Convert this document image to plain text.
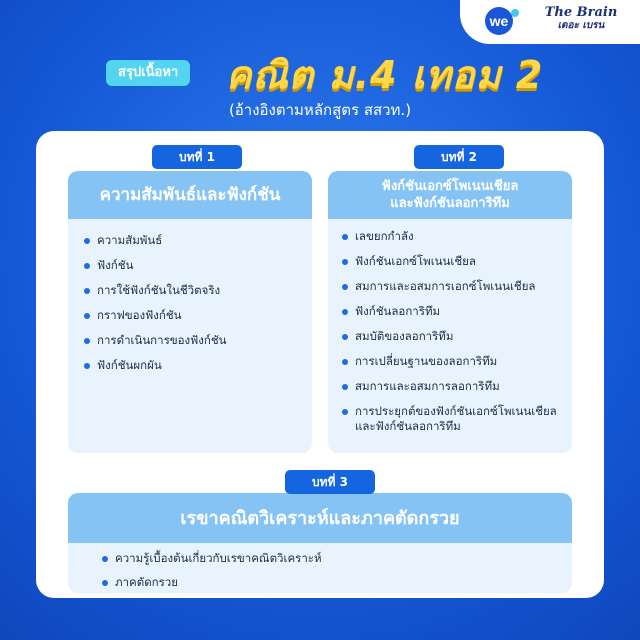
we
The Brain
เดอะ เบรน
สรุปเนื้อหา	คณิต ม.4 เทอม 2
(อ้างอิงตามหลักสูตร สสวท.)
บทที่ 1
ความสัมพันธ์และฟังก์ชัน
ความสัมพันธ์
ฟังก์ชัน
การใช้ฟังก์ชันในชีวิตจริง
กราฟของฟังก์ชัน
การดำเนินการของฟังก์ชัน
ฟังก์ชันผกผัน
บทที่ 2
ฟังก์ชันเอกซ์โพเนนเชียล
และฟังก์ชันลอการิทึม
เลขยกกำลัง
ฟังก์ชันเอกซ์โพเนนเชียล
สมการและอสมการเอกซ์โพเนนเชียล
ฟังก์ชันลอการิทึม
สมบัติของลอการิทึม
การเปลี่ยนฐานของลอการิทึม
สมการและอสมการลอการิทึม
การประยุกต์ของฟังก์ชันเอกซ์โพเนนเชียล และฟังก์ชันลอการิทึม
บทที่ 3
เรขาคณิตวิเคราะห์และภาคตัดกรวย
ความรู้เบื้องต้นเกี่ยวกับเรขาคณิตวิเคราะห์
ภาคตัดกรวย
